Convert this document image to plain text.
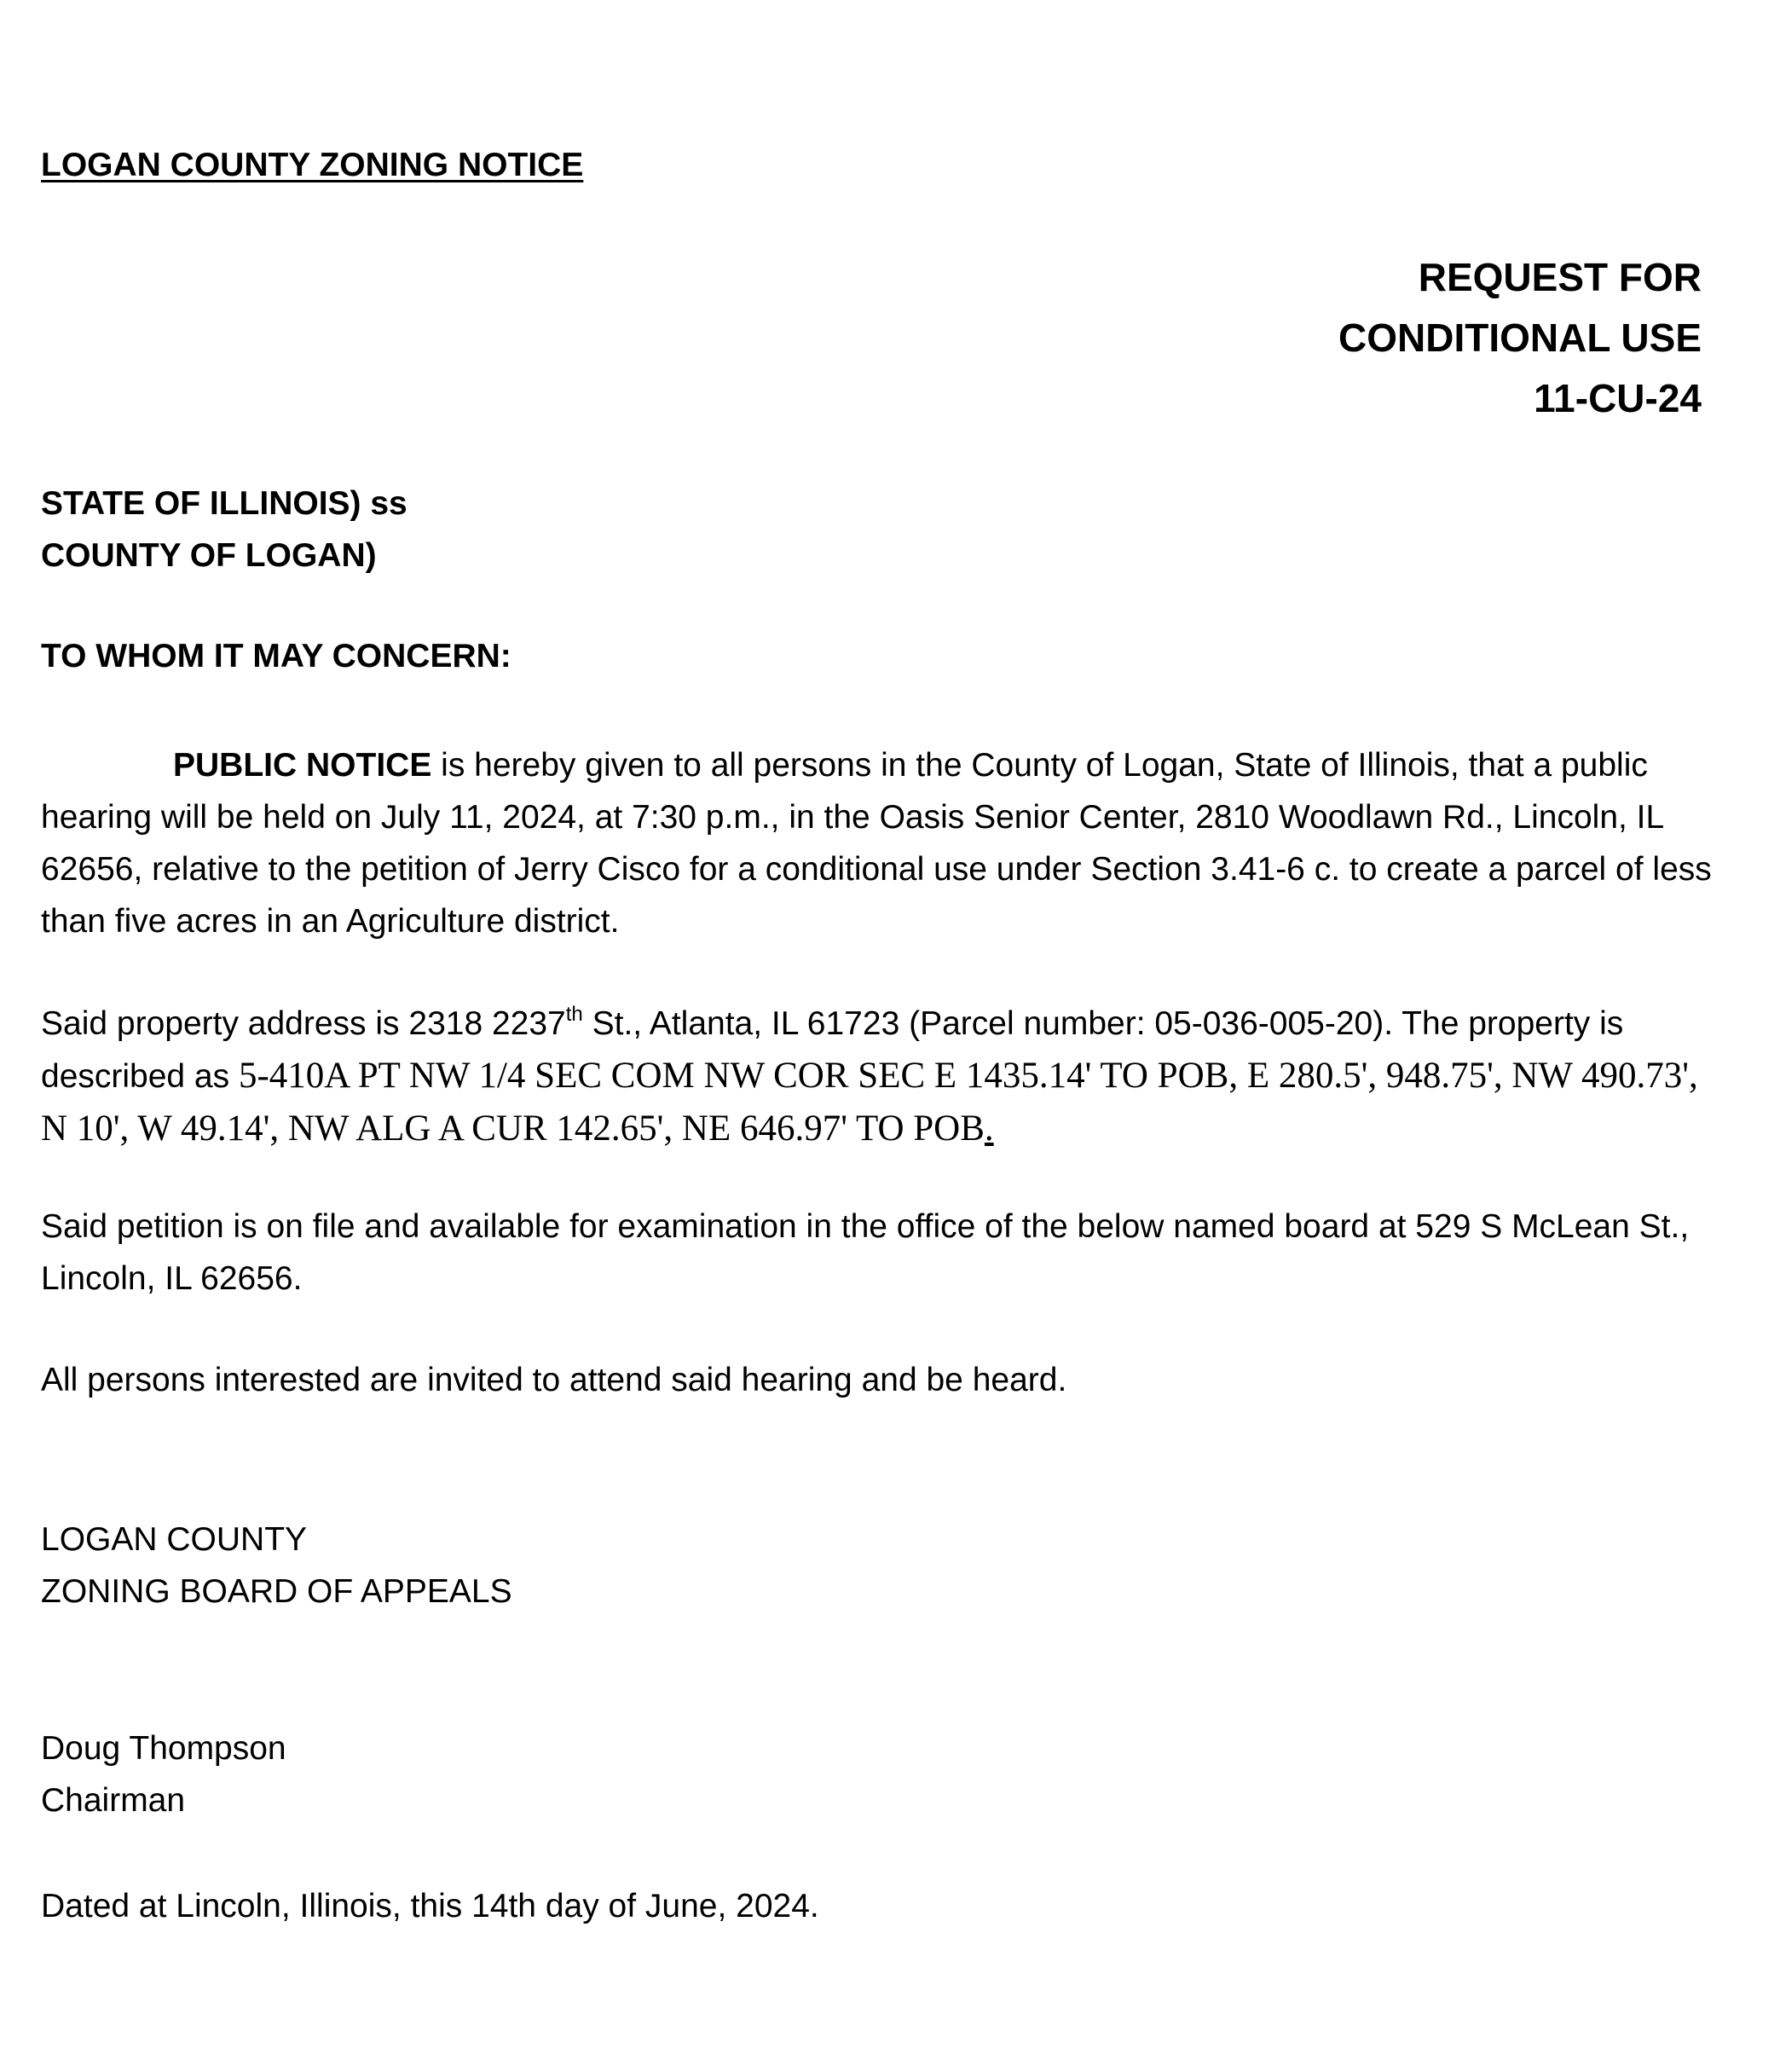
LOGAN COUNTY ZONING NOTICE
REQUEST FOR
CONDITIONAL USE
11-CU-24
STATE OF ILLINOIS) ss
COUNTY OF LOGAN)
TO WHOM IT MAY CONCERN:

PUBLIC NOTICE is hereby given to all persons in the County of Logan, State of Illinois, that a public hearing will be held on July 11, 2024, at 7:30 p.m., in the Oasis Senior Center, 2810 Woodlawn Rd., Lincoln, IL 62656, relative to the petition of Jerry Cisco for a conditional use under Section 3.41-6 c. to create a parcel of less than five acres in an Agriculture district.

Said property address is 2318 2237th St., Atlanta, IL 61723 (Parcel number: 05-036-005-20). The property is described as 5-410A PT NW 1/4 SEC COM NW COR SEC E 1435.14' TO POB, E 280.5', 948.75', NW 490.73', N 10', W 49.14', NW ALG A CUR 142.65', NE 646.97' TO POB.

Said petition is on file and available for examination in the office of the below named board at 529 S McLean St., Lincoln, IL 62656.

All persons interested are invited to attend said hearing and be heard.

LOGAN COUNTY
ZONING BOARD OF APPEALS
Doug Thompson
Chairman
Dated at Lincoln, Illinois, this 14th day of June, 2024.
